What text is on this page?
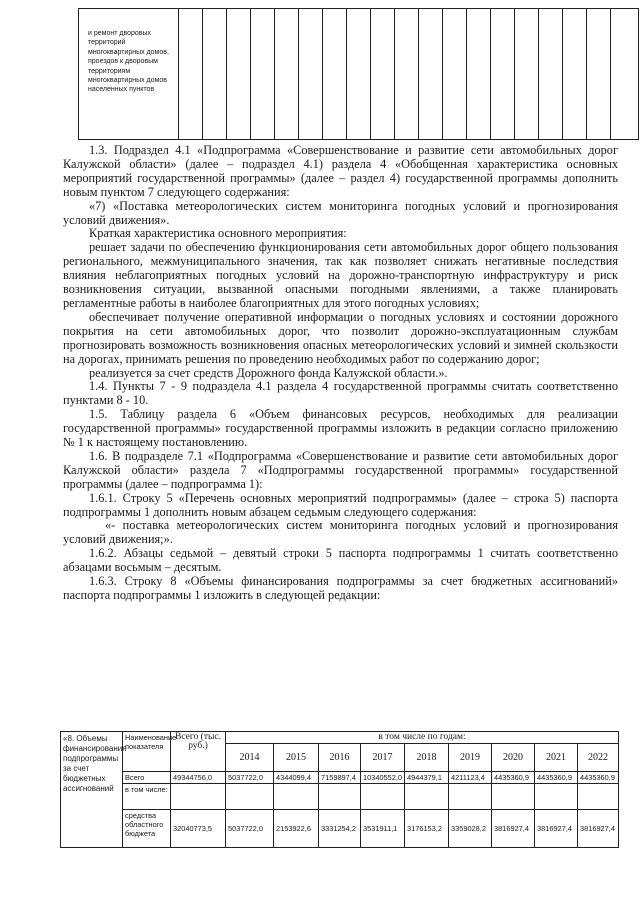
и ремонт дворовых территорий многоквартирных домов, проездов к дворовым территориям многоквартирных домов населенных пунктов																			

1.3. Подраздел 4.1 «Подпрограмма «Совершенствование и развитие сети автомобильных дорог Калужской области» (далее – подраздел 4.1) раздела 4 «Обобщенная характеристика основных мероприятий государственной программы» (далее – раздел 4) государственной программы дополнить новым пунктом 7 следующего содержания:

«7) «Поставка метеорологических систем мониторинга погодных условий и прогнозирования условий движения».

Краткая характеристика основного мероприятия:

решает задачи по обеспечению функционирования сети автомобильных дорог общего пользования регионального, межмуниципального значения, так как позволяет снижать негативные последствия влияния неблагоприятных погодных условий на дорожно-транспортную инфраструктуру и риск возникновения ситуации, вызванной опасными погодными явлениями, а также планировать регламентные работы в наиболее благоприятных для этого погодных условиях;

обеспечивает получение оперативной информации о погодных условиях и состоянии дорожного покрытия на сети автомобильных дорог, что позволит дорожно-эксплуатационным службам прогнозировать возможность возникновения опасных метеорологических условий и зимней скользкости на дорогах, принимать решения по проведению необходимых работ по содержанию дорог;

реализуется за счет средств Дорожного фонда Калужской области.».

1.4. Пункты 7 - 9 подраздела 4.1 раздела 4 государственной программы считать соответственно пунктами 8 - 10.

1.5. Таблицу раздела 6 «Объем финансовых ресурсов, необходимых для реализации государственной программы» государственной программы изложить в редакции согласно приложению № 1 к настоящему постановлению.

1.6. В подразделе 7.1 «Подпрограмма «Совершенствование и развитие сети автомобильных дорог Калужской области» раздела 7 «Подпрограммы государственной программы» государственной программы (далее – подпрограмма 1):

1.6.1. Строку 5 «Перечень основных мероприятий подпрограммы» (далее – строка 5) паспорта подпрограммы 1 дополнить новым абзацем седьмым следующего содержания:

«- поставка метеорологических систем мониторинга погодных условий и прогнозирования условий движения;».

1.6.2. Абзацы седьмой – девятый строки 5 паспорта подпрограммы 1 считать соответственно абзацами восьмым – десятым.

1.6.3. Строку 8 «Объемы финансирования подпрограммы за счет бюджетных ассигнований» паспорта подпрограммы 1 изложить в следующей редакции:

«8. Объемы финансирования подпрограммы за счет бюджетных ассигнований	Наименование показателя	Всего (тыс. руб.)	в том числе по годам:								
			2014	2015	2016	2017	2018	2019	2020	2021	2022
	Всего	49344756,0	5037722,0	4344099,4	7159897,4	10340552,0	4944379,1	4211123,4	4435360,9	4435360,9	4435360,9
	в том числе:										
	средства областного бюджета	32040773,5	5037722,0	2153922,6	3331254,2	3531911,1	3176153,2	3359028,2	3816927,4	3816927,4	3816927,4
